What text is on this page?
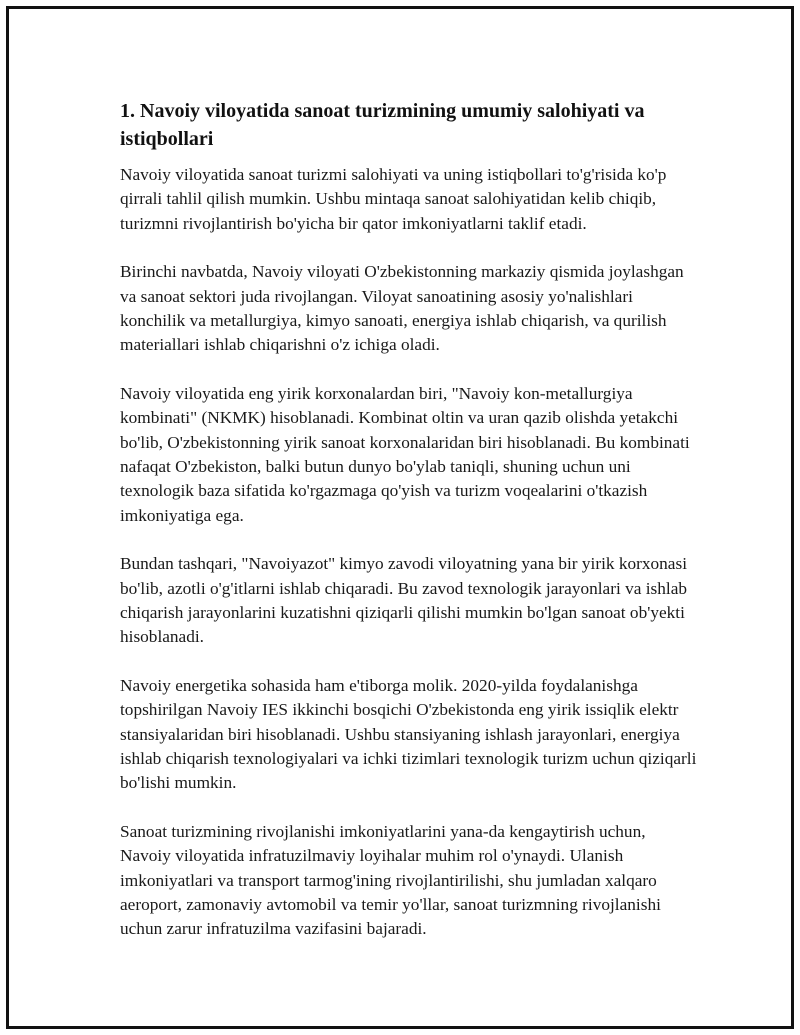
1. Navoiy viloyatida sanoat turizmining umumiy salohiyati va istiqbollari

Navoiy viloyatida sanoat turizmi salohiyati va uning istiqbollari to'g'risida ko'p qirrali tahlil qilish mumkin. Ushbu mintaqa sanoat salohiyatidan kelib chiqib, turizmni rivojlantirish bo'yicha bir qator imkoniyatlarni taklif etadi.

Birinchi navbatda, Navoiy viloyati O'zbekistonning markaziy qismida joylashgan va sanoat sektori juda rivojlangan. Viloyat sanoatining asosiy yo'nalishlari konchilik va metallurgiya, kimyo sanoati, energiya ishlab chiqarish, va qurilish materiallari ishlab chiqarishni o'z ichiga oladi.

Navoiy viloyatida eng yirik korxonalardan biri, "Navoiy kon-metallurgiya kombinati" (NKMK) hisoblanadi. Kombinat oltin va uran qazib olishda yetakchi bo'lib, O'zbekistonning yirik sanoat korxonalaridan biri hisoblanadi. Bu kombinati nafaqat O'zbekiston, balki butun dunyo bo'ylab taniqli, shuning uchun uni texnologik baza sifatida ko'rgazmaga qo'yish va turizm voqealarini o'tkazish imkoniyatiga ega.

Bundan tashqari, "Navoiyazot" kimyo zavodi viloyatning yana bir yirik korxonasi bo'lib, azotli o'g'itlarni ishlab chiqaradi. Bu zavod texnologik jarayonlari va ishlab chiqarish jarayonlarini kuzatishni qiziqarli qilishi mumkin bo'lgan sanoat ob'yekti hisoblanadi.

Navoiy energetika sohasida ham e'tiborga molik. 2020-yilda foydalanishga topshirilgan Navoiy IES ikkinchi bosqichi O'zbekistonda eng yirik issiqlik elektr stansiyalaridan biri hisoblanadi. Ushbu stansiyaning ishlash jarayonlari, energiya ishlab chiqarish texnologiyalari va ichki tizimlari texnologik turizm uchun qiziqarli bo'lishi mumkin.

Sanoat turizmining rivojlanishi imkoniyatlarini yana-da kengaytirish uchun, Navoiy viloyatida infratuzilmaviy loyihalar muhim rol o'ynaydi. Ulanish imkoniyatlari va transport tarmog'ining rivojlantirilishi, shu jumladan xalqaro aeroport, zamonaviy avtomobil va temir yo'llar, sanoat turizmning rivojlanishi uchun zarur infratuzilma vazifasini bajaradi.
